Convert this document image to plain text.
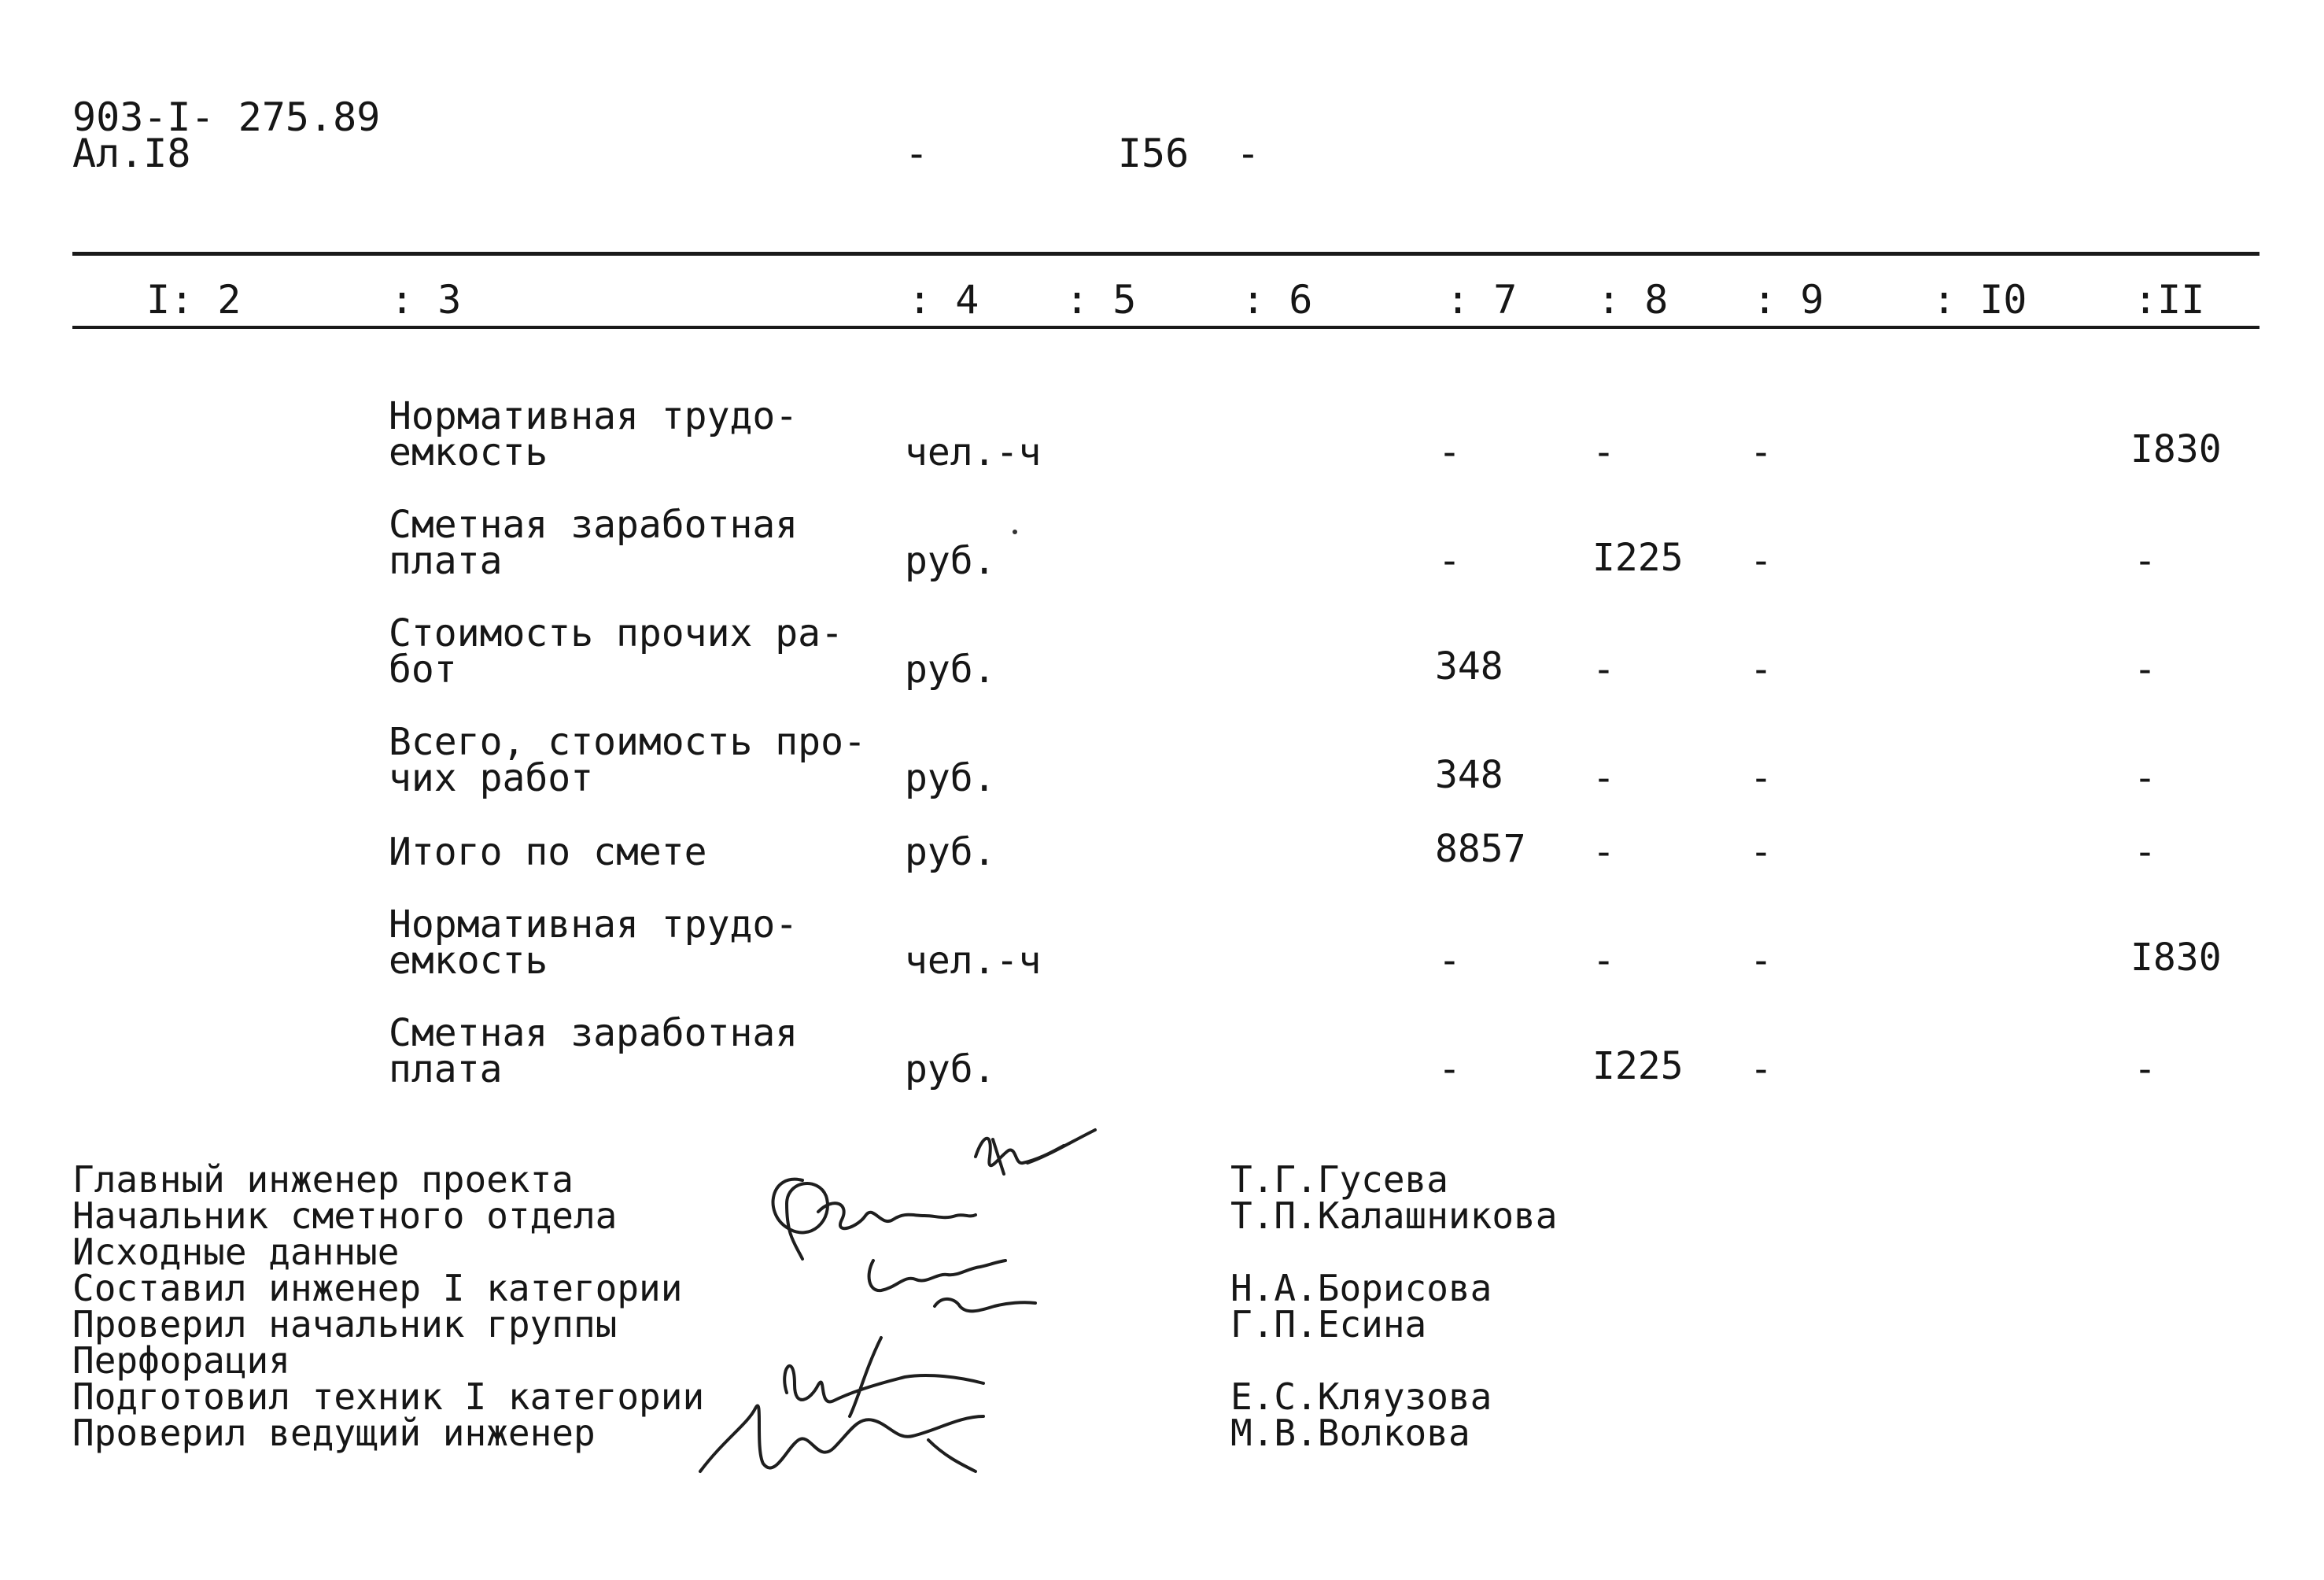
903-I- 275.89
Ал.I8	-        I56  -
I: 2	: 3	: 4 : 5	: 6	: 7 : 8 : 9	: I0	:II
Нормативная трудо-
емкость	чел.-ч	-	-	-	I830
Сметная заработная
плата	руб.	-	I225 -	-
Стоимость прочих ра-
бот	руб.	348 -	-	-
Всего, стоимость про-
чих работ	руб.	348 -	-	-
Итого по смете	руб.	8857 -	-	-
Нормативная трудо-
емкость	чел.-ч	-	-	-	I830
Сметная заработная
плата	руб.	-	I225 -	-
Главный инженер проекта
Начальник сметного отдела
Исходные данные
Составил инженер I категории
Проверил начальник группы
Перфорация
Подготовил техник I категории
Проверил ведущий инженер
Т.Г.Гусева
Т.П.Калашникова
Н.А.Борисова
Г.П.Есина
Е.С.Кляузова
М.В.Волкова
